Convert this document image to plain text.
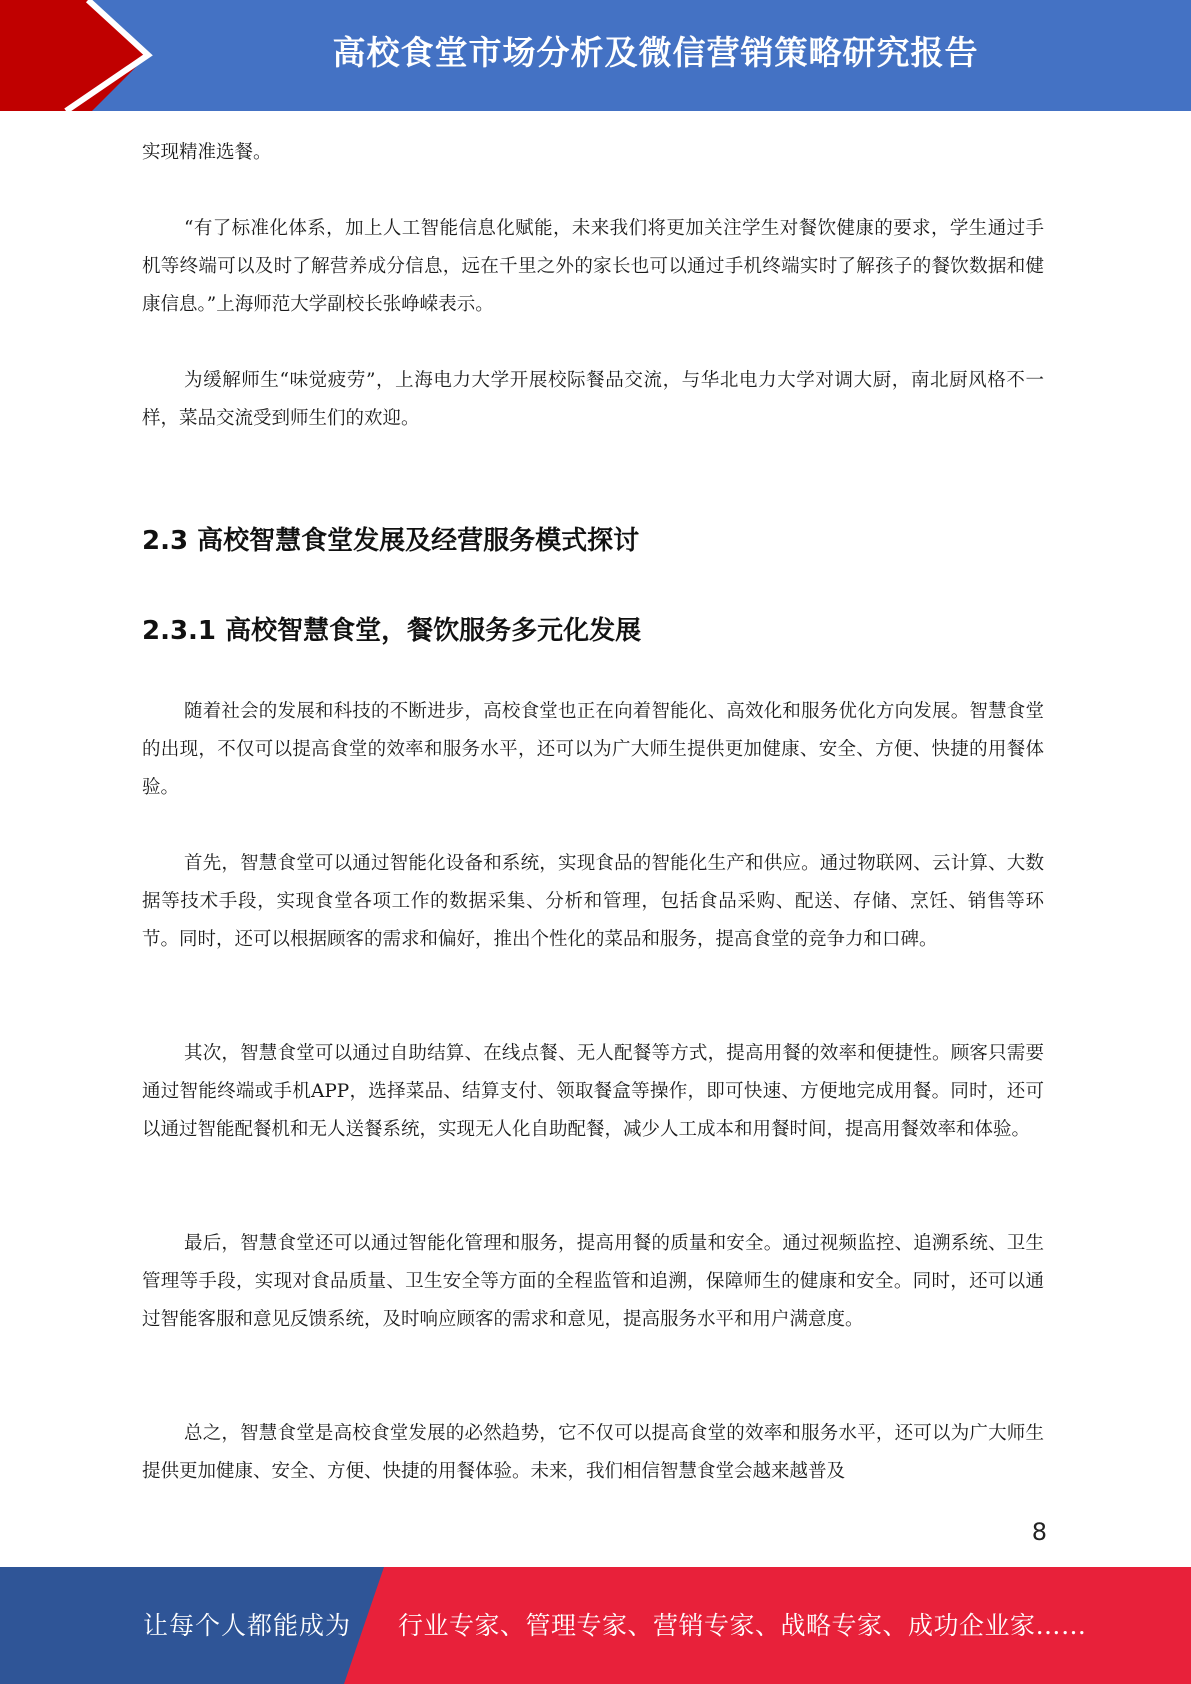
高校食堂市场分析及微信营销策略研究报告

实现精准选餐。

“有了标准化体系，加上人工智能信息化赋能，未来我们将更加关注学生对餐饮健康的要求，学生通过手机等终端可以及时了解营养成分信息，远在千里之外的家长也可以通过手机终端实时了解孩子的餐饮数据和健康信息。”上海师范大学副校长张峥嵘表示。

为缓解师生“味觉疲劳”，上海电力大学开展校际餐品交流，与华北电力大学对调大厨，南北厨风格不一样，菜品交流受到师生们的欢迎。

2.3 高校智慧食堂发展及经营服务模式探讨
2.3.1 高校智慧食堂，餐饮服务多元化发展

随着社会的发展和科技的不断进步，高校食堂也正在向着智能化、高效化和服务优化方向发展。智慧食堂的出现，不仅可以提高食堂的效率和服务水平，还可以为广大师生提供更加健康、安全、方便、快捷的用餐体验。

首先，智慧食堂可以通过智能化设备和系统，实现食品的智能化生产和供应。通过物联网、云计算、大数据等技术手段，实现食堂各项工作的数据采集、分析和管理，包括食品采购、配送、存储、烹饪、销售等环节。同时，还可以根据顾客的需求和偏好，推出个性化的菜品和服务，提高食堂的竞争力和口碑。

其次，智慧食堂可以通过自助结算、在线点餐、无人配餐等方式，提高用餐的效率和便捷性。顾客只需要通过智能终端或手机APP，选择菜品、结算支付、领取餐盒等操作，即可快速、方便地完成用餐。同时，还可以通过智能配餐机和无人送餐系统，实现无人化自助配餐，减少人工成本和用餐时间，提高用餐效率和体验。

最后，智慧食堂还可以通过智能化管理和服务，提高用餐的质量和安全。通过视频监控、追溯系统、卫生管理等手段，实现对食品质量、卫生安全等方面的全程监管和追溯，保障师生的健康和安全。同时，还可以通过智能客服和意见反馈系统，及时响应顾客的需求和意见，提高服务水平和用户满意度。

总之，智慧食堂是高校食堂发展的必然趋势，它不仅可以提高食堂的效率和服务水平，还可以为广大师生提供更加健康、安全、方便、快捷的用餐体验。未来，我们相信智慧食堂会越来越普及

8
让每个人都能成为 行业专家、管理专家、营销专家、战略专家、成功企业家……
